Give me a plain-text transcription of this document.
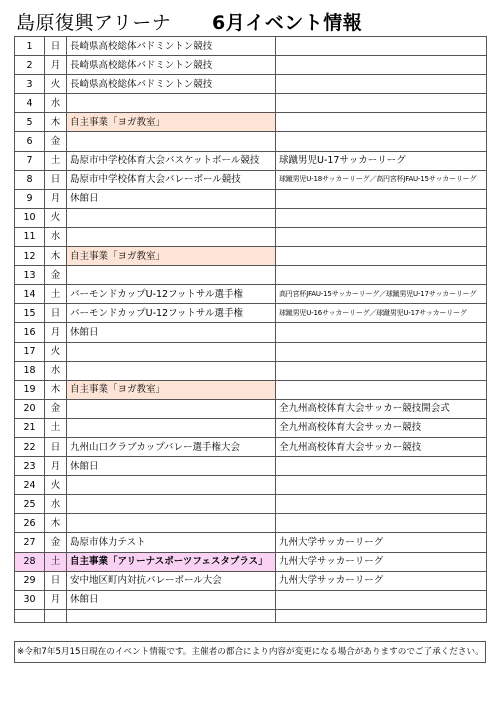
島原復興アリーナ 6月イベント情報
1	日	長崎県高校総体バドミントン競技	
2	月	長崎県高校総体バドミントン競技	
3	火	長崎県高校総体バドミントン競技	
4	水		
5	木	自主事業「ヨガ教室」	
6	金		
7	土	島原市中学校体育大会バスケットボール競技	球蹴男児U-17サッカーリーグ
8	日	島原市中学校体育大会バレーボール競技	球蹴男児U-18サッカーリーグ／高円宮杯JFAU-15サッカーリーグ
9	月	休館日	
10	火		
11	水		
12	木	自主事業「ヨガ教室」	
13	金		
14	土	バーモンドカップU-12フットサル選手権	高円宮杯JFAU-15サッカーリーグ／球蹴男児U-17サッカーリーグ
15	日	バーモンドカップU-12フットサル選手権	球蹴男児U-16サッカーリーグ／球蹴男児U-17サッカーリーグ
16	月	休館日	
17	火		
18	水		
19	木	自主事業「ヨガ教室」	
20	金		全九州高校体育大会サッカー競技開会式
21	土		全九州高校体育大会サッカー競技
22	日	九州山口クラブカップバレー選手権大会	全九州高校体育大会サッカー競技
23	月	休館日	
24	火		
25	水		
26	木		
27	金	島原市体力テスト	九州大学サッカーリーグ
28	土	自主事業「アリーナスポーツフェスタプラス」	九州大学サッカーリーグ
29	日	安中地区町内対抗バレーボール大会	九州大学サッカーリーグ
30	月	休館日	

※令和7年5月15日現在のイベント情報です。主催者の都合により内容が変更になる場合がありますのでご了承ください。
